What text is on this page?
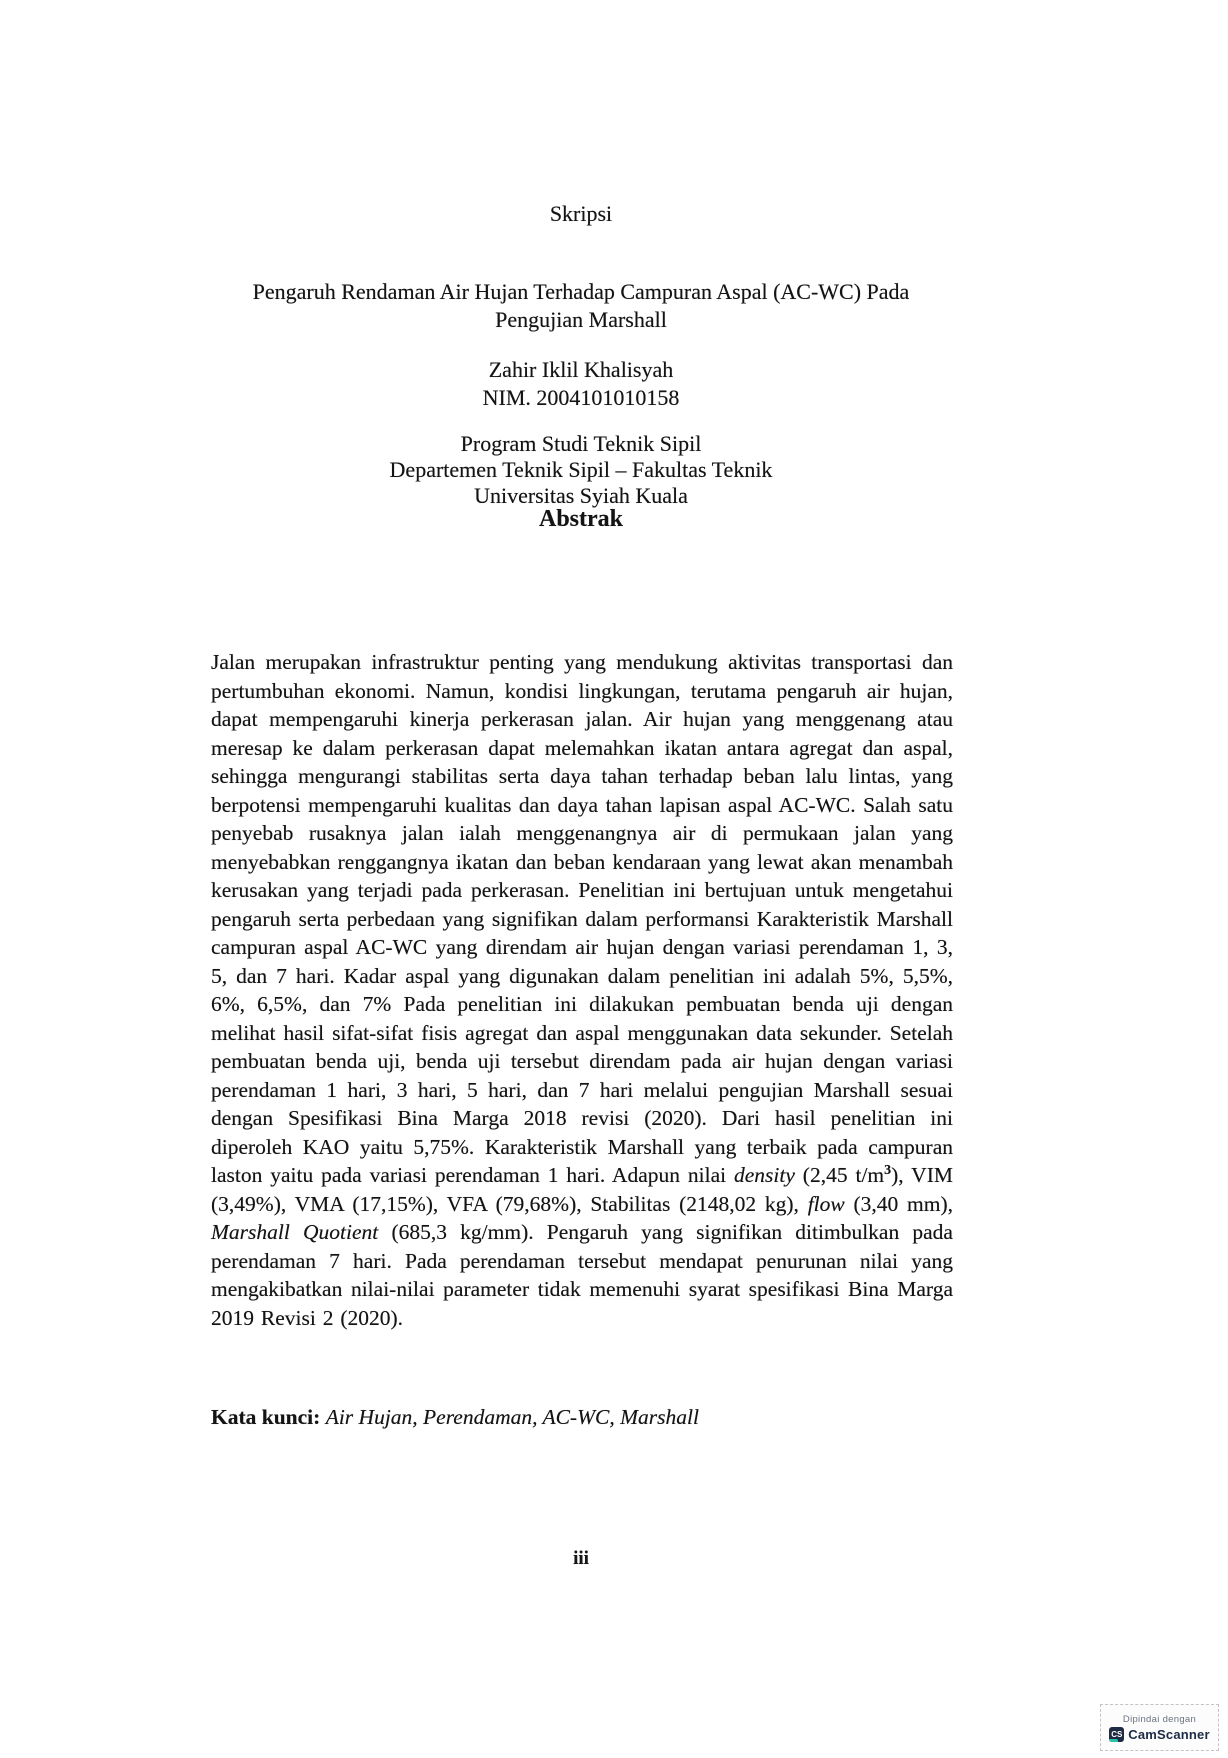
Skripsi
Pengaruh Rendaman Air Hujan Terhadap Campuran Aspal (AC-WC) Pada
Pengujian Marshall
Zahir Iklil Khalisyah
NIM. 2004101010158
Program Studi Teknik Sipil
Departemen Teknik Sipil – Fakultas Teknik
Universitas Syiah Kuala
Abstrak
Jalan merupakan infrastruktur penting yang mendukung aktivitas transportasi dan pertumbuhan ekonomi. Namun, kondisi lingkungan, terutama pengaruh air hujan, dapat mempengaruhi kinerja perkerasan jalan. Air hujan yang menggenang atau meresap ke dalam perkerasan dapat melemahkan ikatan antara agregat dan aspal, sehingga mengurangi stabilitas serta daya tahan terhadap beban lalu lintas, yang berpotensi mempengaruhi kualitas dan daya tahan lapisan aspal AC-WC. Salah satu penyebab rusaknya jalan ialah menggenangnya air di permukaan jalan yang menyebabkan renggangnya ikatan dan beban kendaraan yang lewat akan menambah kerusakan yang terjadi pada perkerasan. Penelitian ini bertujuan untuk mengetahui pengaruh serta perbedaan yang signifikan dalam performansi Karakteristik Marshall campuran aspal AC-WC yang direndam air hujan dengan variasi perendaman 1, 3, 5, dan 7 hari. Kadar aspal yang digunakan dalam penelitian ini adalah 5%, 5,5%, 6%, 6,5%, dan 7% Pada penelitian ini dilakukan pembuatan benda uji dengan melihat hasil sifat-sifat fisis agregat dan aspal menggunakan data sekunder. Setelah pembuatan benda uji, benda uji tersebut direndam pada air hujan dengan variasi perendaman 1 hari, 3 hari, 5 hari, dan 7 hari melalui pengujian Marshall sesuai dengan Spesifikasi Bina Marga 2018 revisi (2020). Dari hasil penelitian ini diperoleh KAO yaitu 5,75%. Karakteristik Marshall yang terbaik pada campuran laston yaitu pada variasi perendaman 1 hari. Adapun nilai density (2,45 $t/m^3$), VIM (3,49%), VMA (17,15%), VFA (79,68%), Stabilitas (2148,02 kg), flow (3,40 mm), Marshall Quotient (685,3 kg/mm). Pengaruh yang signifikan ditimbulkan pada perendaman 7 hari. Pada perendaman tersebut mendapat penurunan nilai yang mengakibatkan nilai-nilai parameter tidak memenuhi syarat spesifikasi Bina Marga 2019 Revisi 2 (2020).
Kata kunci: Air Hujan, Perendaman, AC-WC, Marshall
iii
Dipindai dengan
CS CamScanner
